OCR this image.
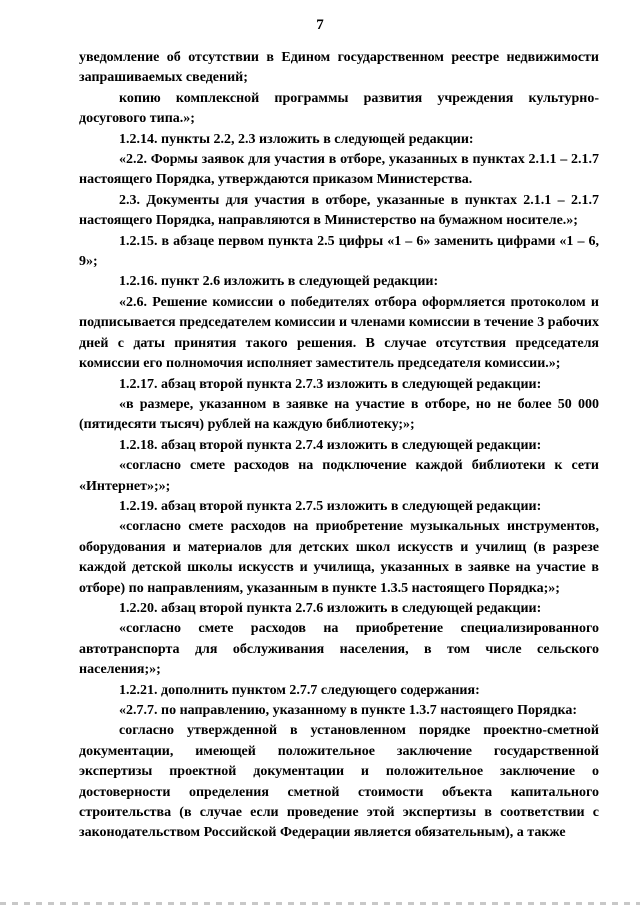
7

уведомление об отсутствии в Едином государственном реестре недвижимости запрашиваемых сведений;

копию комплексной программы развития учреждения культурно-досугового типа.»;

1.2.14. пункты 2.2, 2.3 изложить в следующей редакции:

«2.2. Формы заявок для участия в отборе, указанных в пунктах 2.1.1 – 2.1.7 настоящего Порядка, утверждаются приказом Министерства.

2.3. Документы для участия в отборе, указанные в пунктах 2.1.1 – 2.1.7 настоящего Порядка, направляются в Министерство на бумажном носителе.»;

1.2.15. в абзаце первом пункта 2.5 цифры «1 – 6» заменить цифрами «1 – 6, 9»;

1.2.16. пункт 2.6 изложить в следующей редакции:

«2.6. Решение комиссии о победителях отбора оформляется протоколом и подписывается председателем комиссии и членами комиссии в течение 3 рабочих дней с даты принятия такого решения. В случае отсутствия председателя комиссии его полномочия исполняет заместитель председателя комиссии.»;

1.2.17. абзац второй пункта 2.7.3 изложить в следующей редакции:

«в размере, указанном в заявке на участие в отборе, но не более 50 000 (пятидесяти тысяч) рублей на каждую библиотеку;»;

1.2.18. абзац второй пункта 2.7.4 изложить в следующей редакции:

«согласно смете расходов на подключение каждой библиотеки к сети «Интернет»;»;

1.2.19. абзац второй пункта 2.7.5 изложить в следующей редакции:

«согласно смете расходов на приобретение музыкальных инструментов, оборудования и материалов для детских школ искусств и училищ (в разрезе каждой детской школы искусств и училища, указанных в заявке на участие в отборе) по направлениям, указанным в пункте 1.3.5 настоящего Порядка;»;

1.2.20. абзац второй пункта 2.7.6 изложить в следующей редакции:

«согласно смете расходов на приобретение специализированного автотранспорта для обслуживания населения, в том числе сельского населения;»;

1.2.21. дополнить пунктом 2.7.7 следующего содержания:

«2.7.7. по направлению, указанному в пункте 1.3.7 настоящего Порядка:

согласно утвержденной в установленном порядке проектно-сметной документации, имеющей положительное заключение государственной экспертизы проектной документации и положительное заключение о достоверности определения сметной стоимости объекта капитального строительства (в случае если проведение этой экспертизы в соответствии с законодательством Российской Федерации является обязательным), а также
